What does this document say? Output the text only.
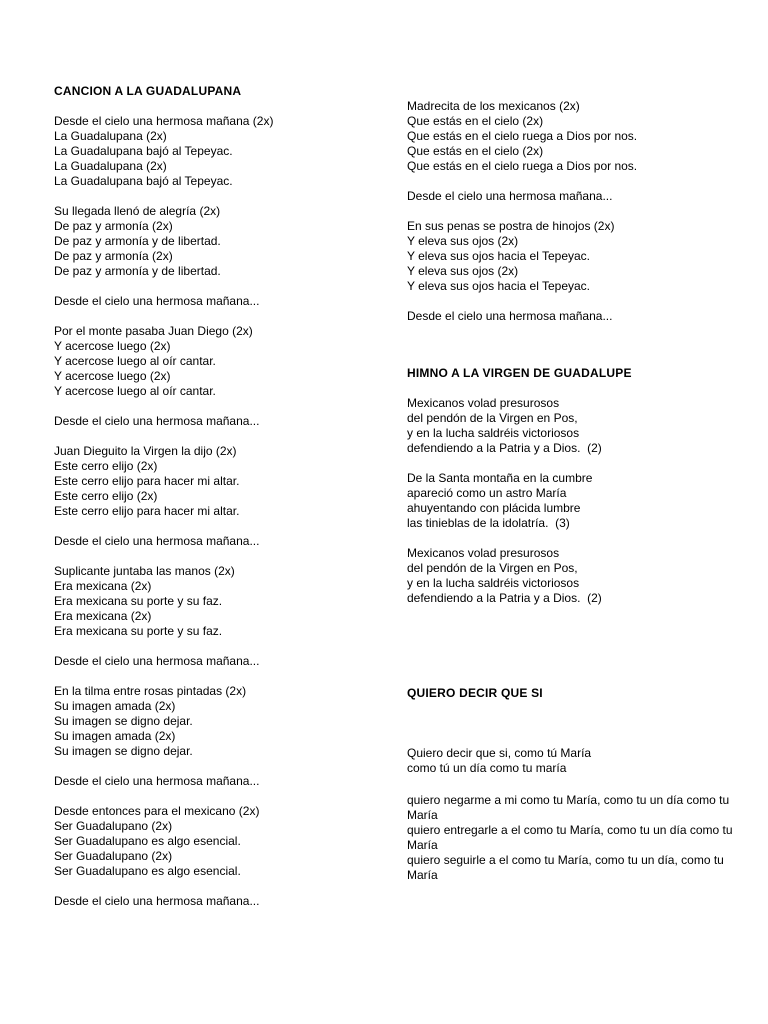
CANCION A LA GUADALUPANA
Desde el cielo una hermosa mañana (2x)
La Guadalupana (2x)
La Guadalupana bajó al Tepeyac.
La Guadalupana (2x)
La Guadalupana bajó al Tepeyac.
Su llegada llenó de alegría (2x)
De paz y armonía (2x)
De paz y armonía y de libertad.
De paz y armonía (2x)
De paz y armonía y de libertad.
Desde el cielo una hermosa mañana...
Por el monte pasaba Juan Diego (2x)
Y acercose luego (2x)
Y acercose luego al oír cantar.
Y acercose luego (2x)
Y acercose luego al oír cantar.
Desde el cielo una hermosa mañana...
Juan Dieguito la Virgen la dijo (2x)
Este cerro elijo (2x)
Este cerro elijo para hacer mi altar.
Este cerro elijo (2x)
Este cerro elijo para hacer mi altar.
Desde el cielo una hermosa mañana...
Suplicante juntaba las manos (2x)
Era mexicana (2x)
Era mexicana su porte y su faz.
Era mexicana (2x)
Era mexicana su porte y su faz.
Desde el cielo una hermosa mañana...
En la tilma entre rosas pintadas (2x)
Su imagen amada (2x)
Su imagen se digno dejar.
Su imagen amada (2x)
Su imagen se digno dejar.
Desde el cielo una hermosa mañana...
Desde entonces para el mexicano (2x)
Ser Guadalupano (2x)
Ser Guadalupano es algo esencial.
Ser Guadalupano (2x)
Ser Guadalupano es algo esencial.
Desde el cielo una hermosa mañana...
Madrecita de los mexicanos (2x)
Que estás en el cielo (2x)
Que estás en el cielo ruega a Dios por nos.
Que estás en el cielo (2x)
Que estás en el cielo ruega a Dios por nos.
Desde el cielo una hermosa mañana...
En sus penas se postra de hinojos (2x)
Y eleva sus ojos (2x)
Y eleva sus ojos hacia el Tepeyac.
Y eleva sus ojos (2x)
Y eleva sus ojos hacia el Tepeyac.
Desde el cielo una hermosa mañana...
HIMNO A LA VIRGEN DE GUADALUPE
Mexicanos volad presurosos
del pendón de la Virgen en Pos,
y en la lucha saldréis victoriosos
defendiendo a la Patria y a Dios.  (2)
De la Santa montaña en la cumbre
apareció como un astro María
ahuyentando con plácida lumbre
las tinieblas de la idolatría.  (3)
Mexicanos volad presurosos
del pendón de la Virgen en Pos,
y en la lucha saldréis victoriosos
defendiendo a la Patria y a Dios.  (2)
QUIERO DECIR QUE SI
Quiero decir que si, como tú María
como tú un día como tu maría
quiero negarme a mi como tu María, como tu un día como tu María
quiero entregarle a el como tu María, como tu un día como tu María
quiero seguirle a el como tu María, como tu un día, como tu María
